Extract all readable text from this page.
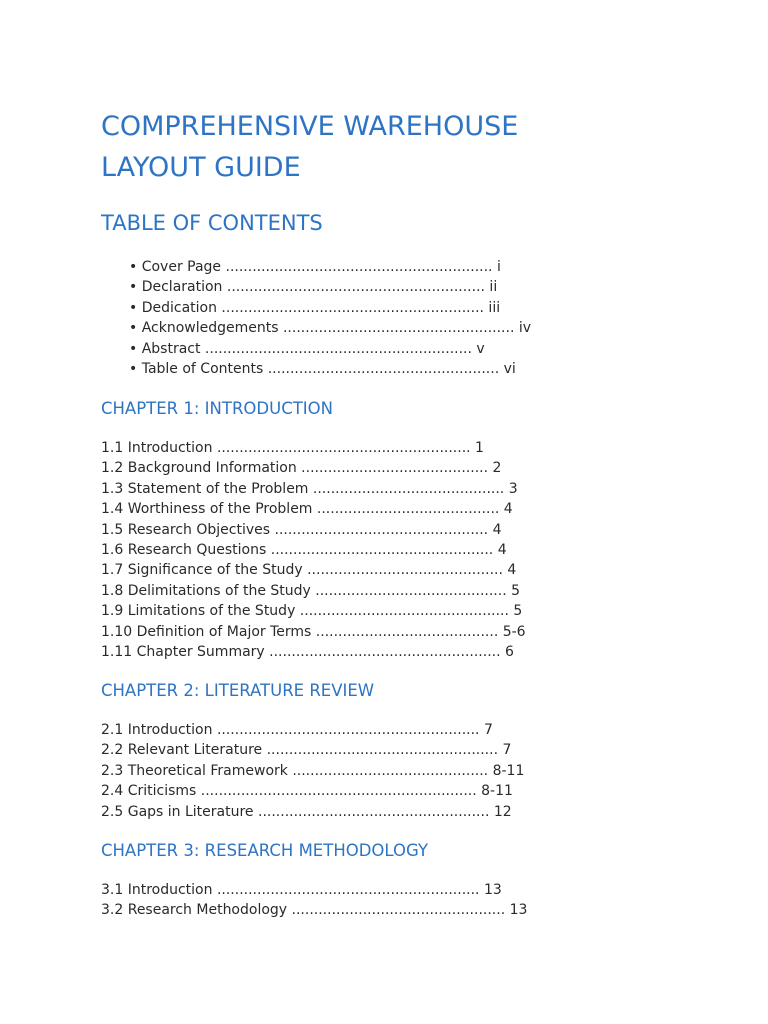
COMPREHENSIVE WAREHOUSE
LAYOUT GUIDE
TABLE OF CONTENTS
• Cover Page ............................................................ i
• Declaration .......................................................... ii
• Dedication ........................................................... iii
• Acknowledgements .................................................... iv
• Abstract ............................................................ v
• Table of Contents .................................................... vi
CHAPTER 1: INTRODUCTION
1.1 Introduction ......................................................... 1
1.2 Background Information .......................................... 2
1.3 Statement of the Problem ........................................... 3
1.4 Worthiness of the Problem ......................................... 4
1.5 Research Objectives ................................................ 4
1.6 Research Questions .................................................. 4
1.7 Significance of the Study ............................................ 4
1.8 Delimitations of the Study ........................................... 5
1.9 Limitations of the Study ............................................... 5
1.10 Definition of Major Terms ......................................... 5-6
1.11 Chapter Summary .................................................... 6
CHAPTER 2: LITERATURE REVIEW
2.1 Introduction ........................................................... 7
2.2 Relevant Literature .................................................... 7
2.3 Theoretical Framework ............................................ 8-11
2.4 Criticisms .............................................................. 8-11
2.5 Gaps in Literature .................................................... 12
CHAPTER 3: RESEARCH METHODOLOGY
3.1 Introduction ........................................................... 13
3.2 Research Methodology ................................................ 13
